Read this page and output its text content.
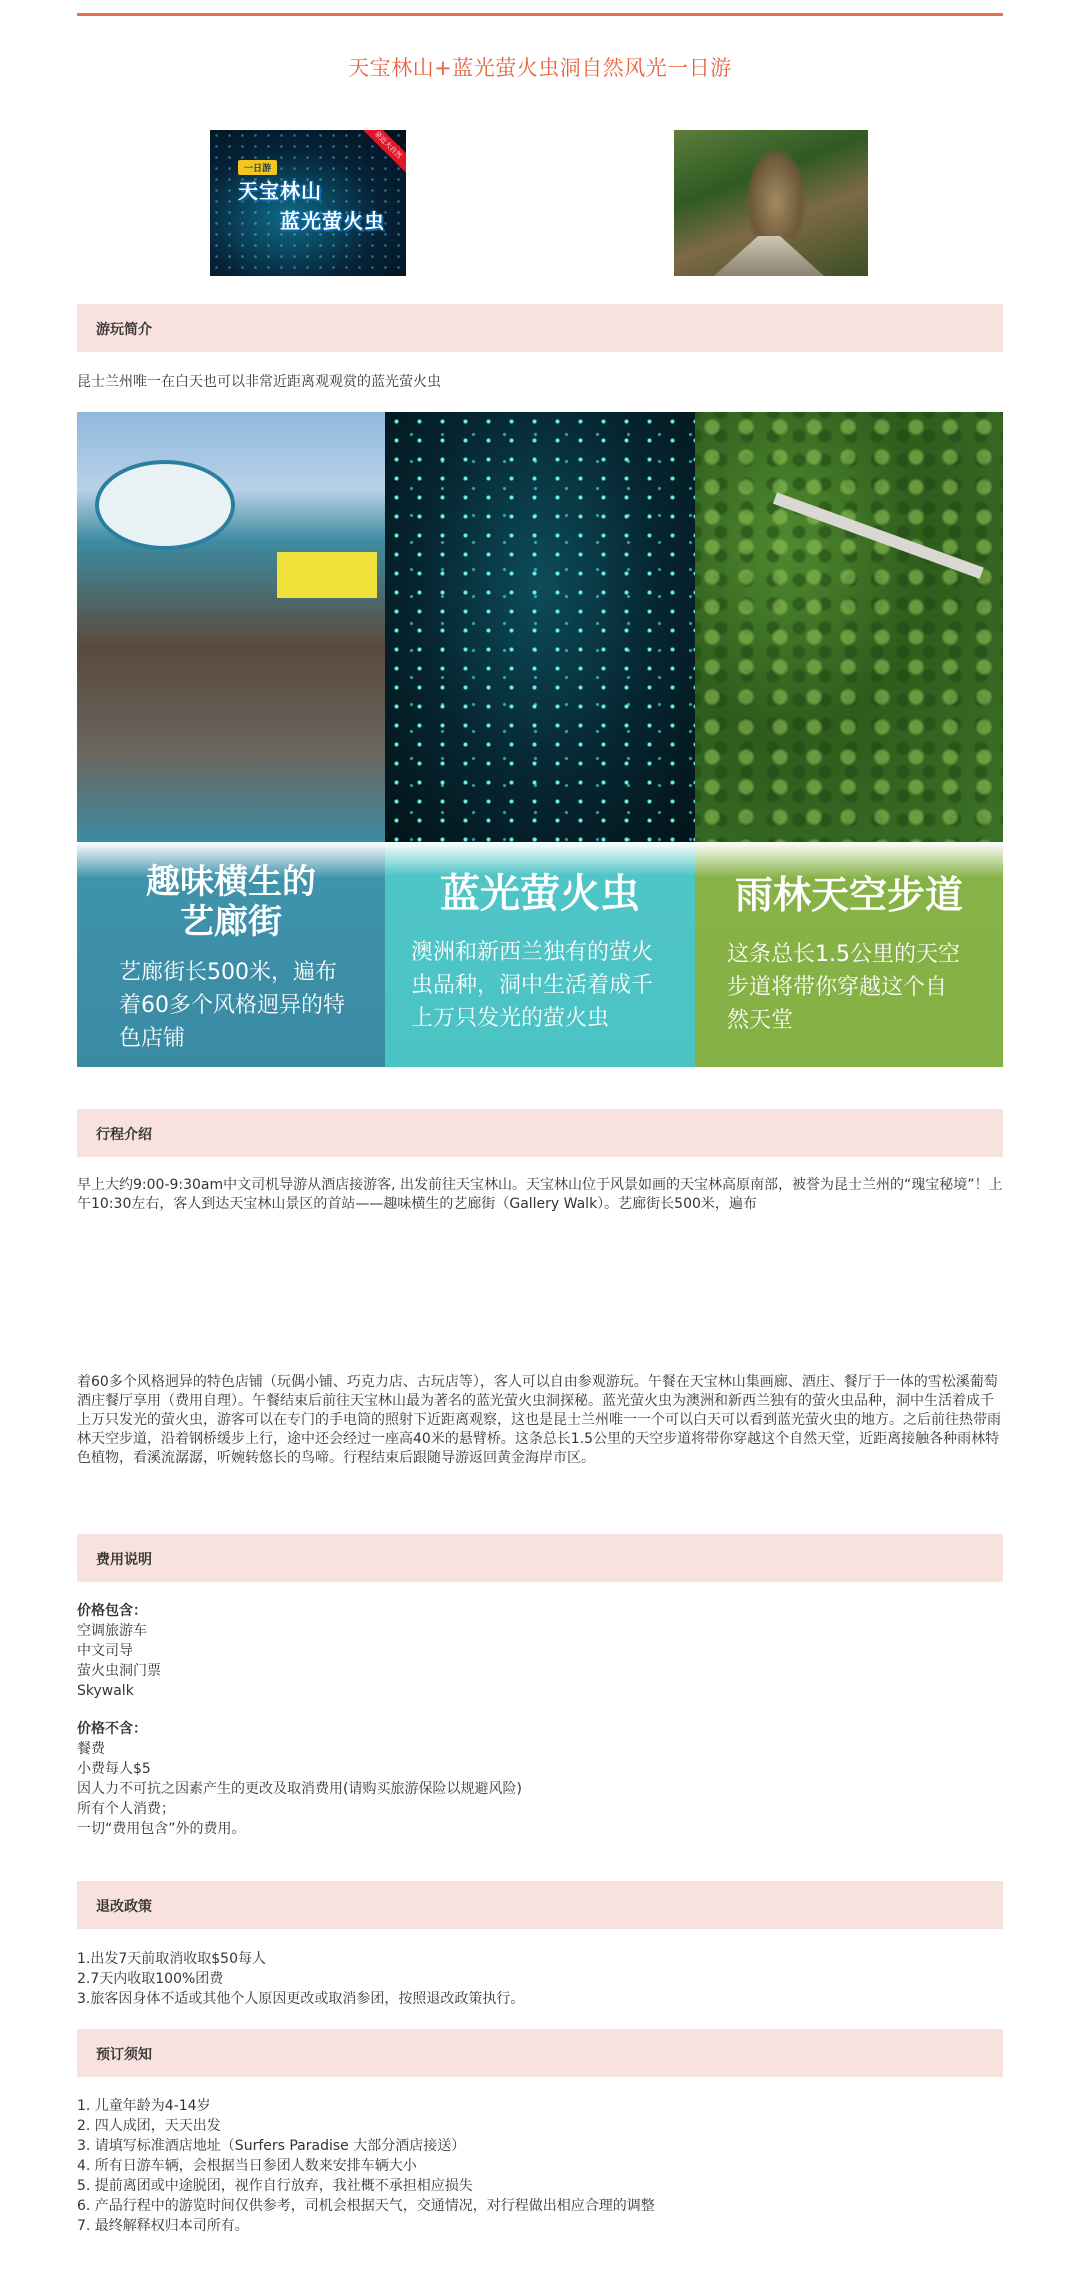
天宝林山+蓝光萤火虫洞自然风光一日游
亲近大自然
一日游
天宝林山
蓝光萤火虫
游玩简介
昆士兰州唯一在白天也可以非常近距离观观赏的蓝光萤火虫
趣味横生的
艺廊街

艺廊街长500米，遍布着60多个风格迥异的特色店铺

蓝光萤火虫

澳洲和新西兰独有的萤火虫品种，洞中生活着成千上万只发光的萤火虫

雨林天空步道

这条总长1.5公里的天空步道将带你穿越这个自然天堂

行程介绍
早上大约9:00-9:30am中文司机导游从酒店接游客, 出发前往天宝林山。天宝林山位于风景如画的天宝林高原南部，被誉为昆士兰州的“瑰宝秘境”！上午10:30左右，客人到达天宝林山景区的首站——趣味横生的艺廊街（Gallery Walk）。艺廊街长500米，遍布
着60多个风格迥异的特色店铺（玩偶小铺、巧克力店、古玩店等），客人可以自由参观游玩。午餐在天宝林山集画廊、酒庄、餐厅于一体的雪松溪葡萄酒庄餐厅享用（费用自理）。午餐结束后前往天宝林山最为著名的蓝光萤火虫洞探秘。蓝光萤火虫为澳洲和新西兰独有的萤火虫品种，洞中生活着成千上万只发光的萤火虫，游客可以在专门的手电筒的照射下近距离观察，这也是昆士兰州唯一一个可以白天可以看到蓝光萤火虫的地方。之后前往热带雨林天空步道，沿着钢桥缓步上行，途中还会经过一座高40米的悬臂桥。这条总长1.5公里的天空步道将带你穿越这个自然天堂，近距离接触各种雨林特色植物，看溪流潺潺，听婉转悠长的鸟啼。行程结束后跟随导游返回黄金海岸市区。
费用说明
价格包含：
空调旅游车
中文司导
萤火虫洞门票
Skywalk
价格不含：
餐费
小费每人$5
因人力不可抗之因素产生的更改及取消费用(请购买旅游保险以规避风险)
所有个人消费；
一切“费用包含”外的费用。
退改政策
1.出发7天前取消收取$50每人
2.7天内收取100%团费
3.旅客因身体不适或其他个人原因更改或取消参团，按照退改政策执行。
预订须知
1. 儿童年龄为4-14岁
2. 四人成团，天天出发
3. 请填写标准酒店地址（Surfers Paradise 大部分酒店接送）
4. 所有日游车辆，会根据当日参团人数来安排车辆大小
5. 提前离团或中途脱团，视作自行放弃，我社概不承担相应损失
6. 产品行程中的游览时间仅供参考，司机会根据天气，交通情况，对行程做出相应合理的调整
7. 最终解释权归本司所有。
